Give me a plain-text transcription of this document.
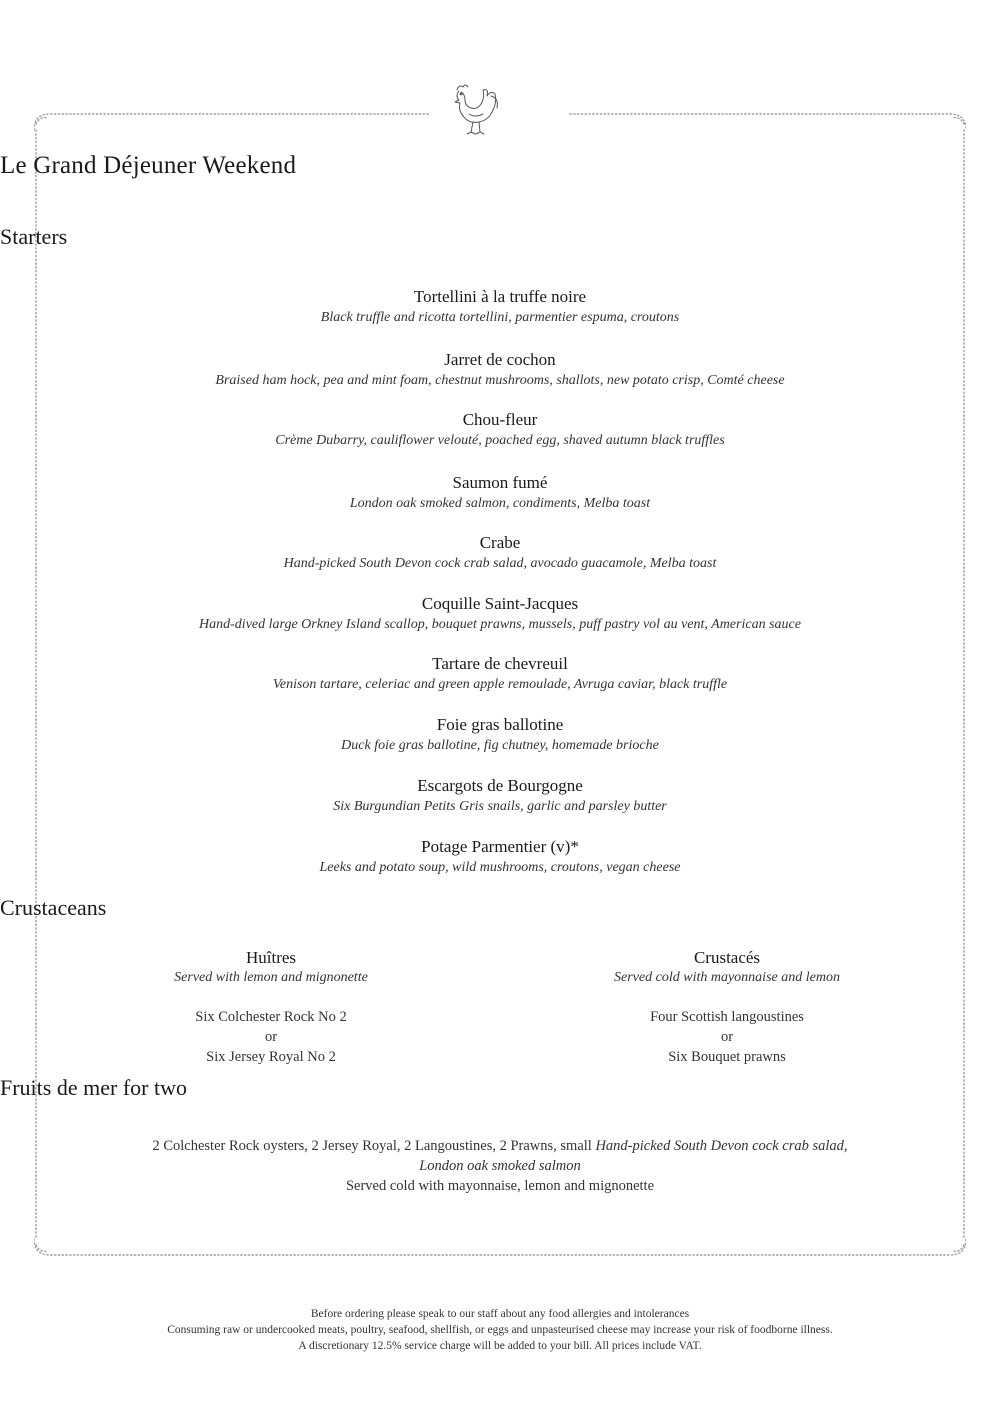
Le Grand Déjeuner Weekend
Starters
Tortellini à la truffe noire
Black truffle and ricotta tortellini, parmentier espuma, croutons
Jarret de cochon
Braised ham hock, pea and mint foam, chestnut mushrooms, shallots, new potato crisp, Comté cheese
Chou-fleur
Crème Dubarry, cauliflower velouté, poached egg, shaved autumn black truffles
Saumon fumé
London oak smoked salmon, condiments, Melba toast
Crabe
Hand-picked South Devon cock crab salad, avocado guacamole, Melba toast
Coquille Saint-Jacques
Hand-dived large Orkney Island scallop, bouquet prawns, mussels, puff pastry vol au vent, American sauce
Tartare de chevreuil
Venison tartare, celeriac and green apple remoulade, Avruga caviar, black truffle
Foie gras ballotine
Duck foie gras ballotine, fig chutney, homemade brioche
Escargots de Bourgogne
Six Burgundian Petits Gris snails, garlic and parsley butter
Potage Parmentier (v)*
Leeks and potato soup, wild mushrooms, croutons, vegan cheese
Crustaceans
Huîtres
Served with lemon and mignonette
Six Colchester Rock No 2
or
Six Jersey Royal No 2
Crustacés
Served cold with mayonnaise and lemon
Four Scottish langoustines
or
Six Bouquet prawns
Fruits de mer for two
2 Colchester Rock oysters, 2 Jersey Royal, 2 Langoustines, 2 Prawns, small Hand-picked South Devon cock crab salad,
London oak smoked salmon
Served cold with mayonnaise, lemon and mignonette
Before ordering please speak to our staff about any food allergies and intolerances
Consuming raw or undercooked meats, poultry, seafood, shellfish, or eggs and unpasteurised cheese may increase your risk of foodborne illness.
A discretionary 12.5% service charge will be added to your bill. All prices include VAT.
